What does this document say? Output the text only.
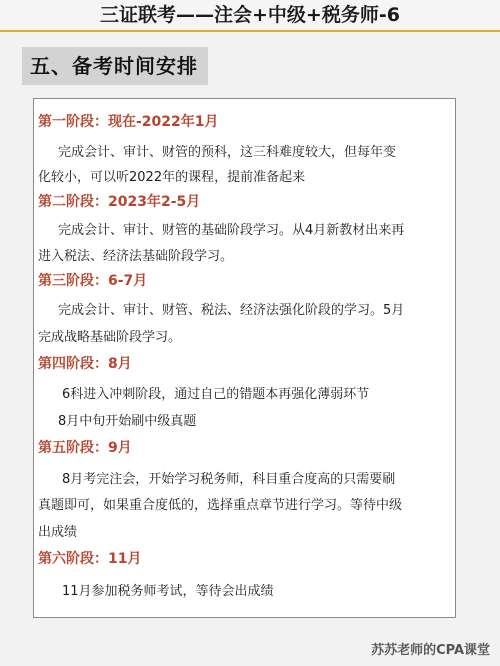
三证联考——注会+中级+税务师-6
五、备考时间安排
第一阶段：现在-2022年1月
完成会计、审计、财管的预科，这三科难度较大，但每年变
化较小，可以听2022年的课程，提前准备起来
第二阶段：2023年2-5月
完成会计、审计、财管的基础阶段学习。从4月新教材出来再
进入税法、经济法基础阶段学习。
第三阶段：6-7月
完成会计、审计、财管、税法、经济法强化阶段的学习。5月
完成战略基础阶段学习。
第四阶段：8月
6科进入冲刺阶段，通过自己的错题本再强化薄弱环节
8月中旬开始刷中级真题
第五阶段：9月
8月考完注会，开始学习税务师，科目重合度高的只需要刷
真题即可，如果重合度低的，选择重点章节进行学习。等待中级
出成绩
第六阶段：11月
11月参加税务师考试，等待会出成绩
苏苏老师的CPA课堂
